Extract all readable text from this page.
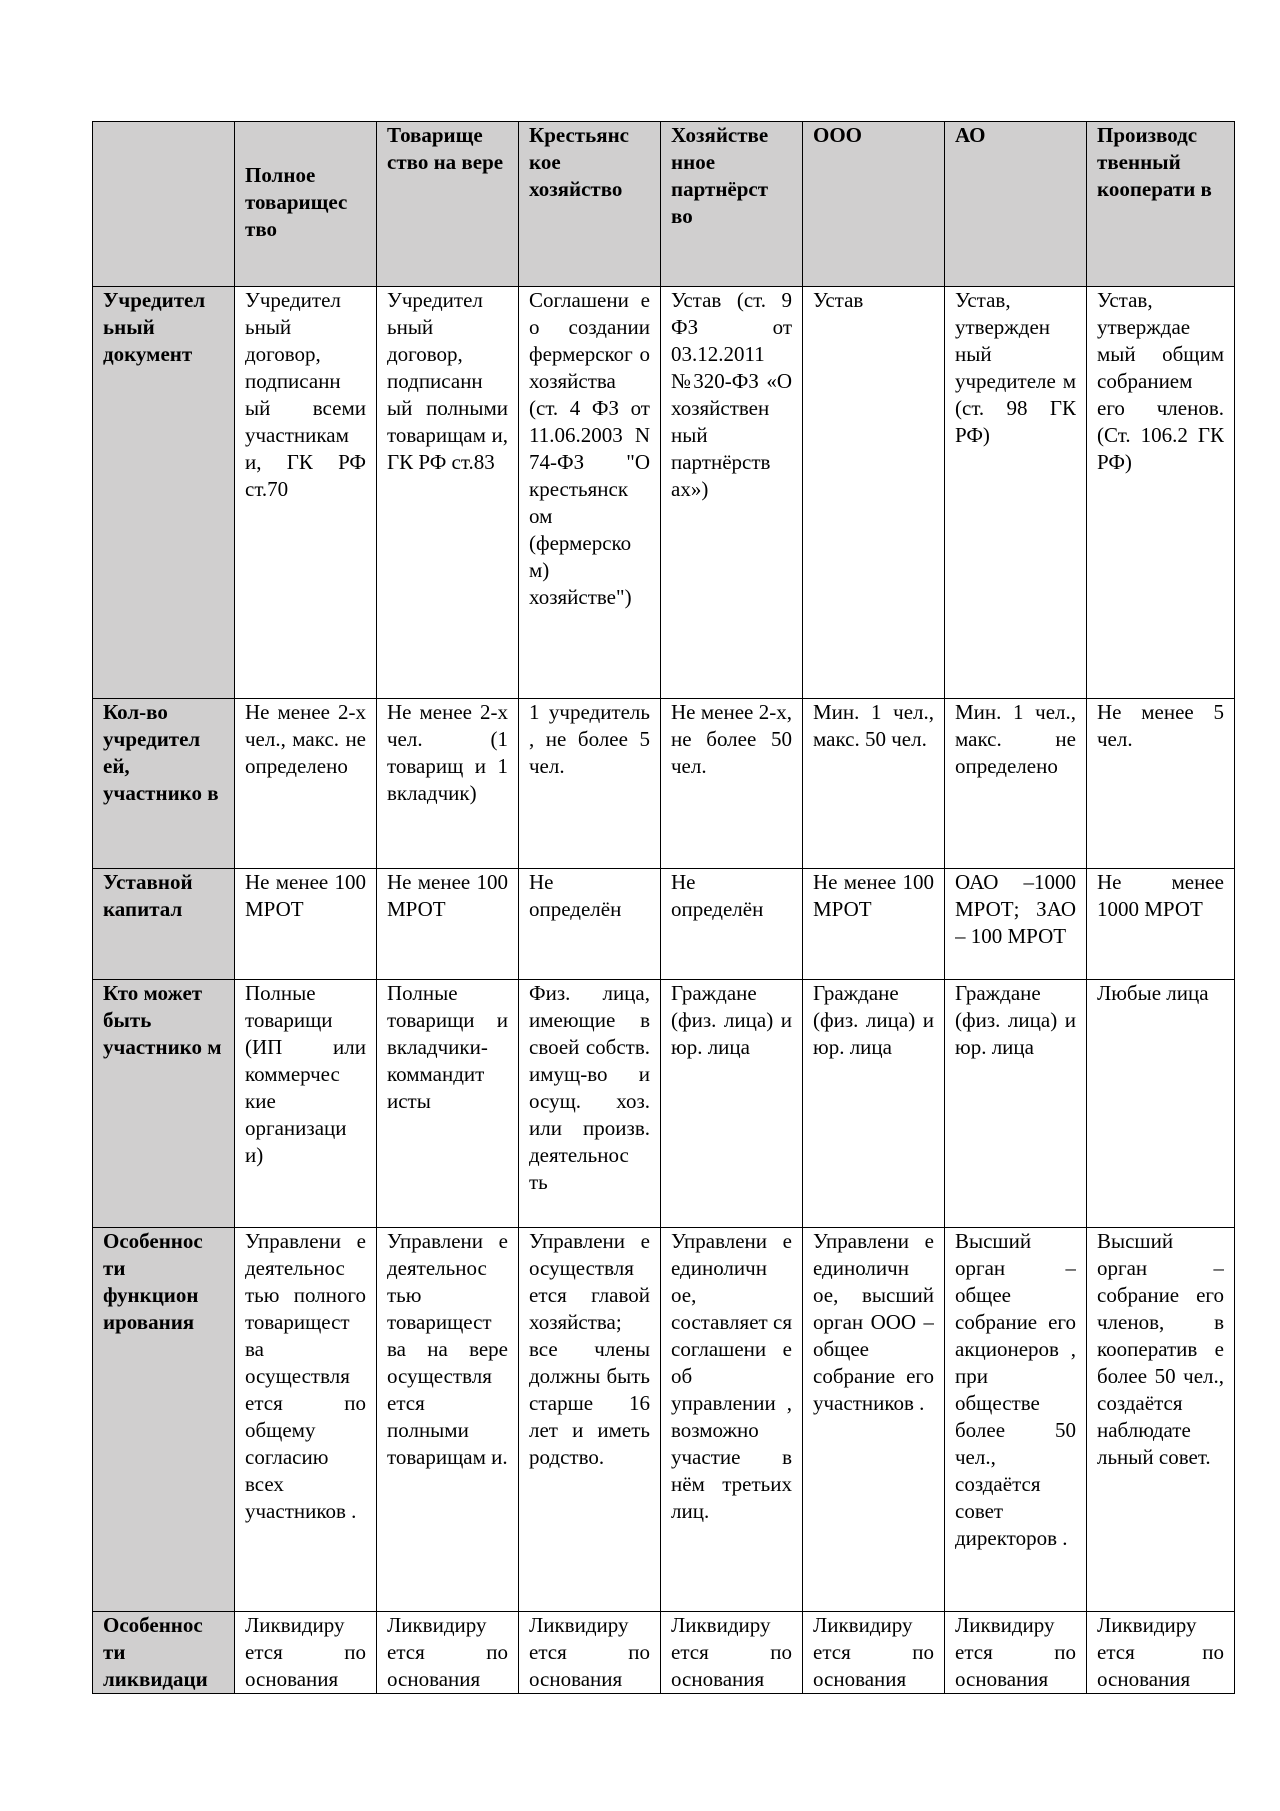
	Полное товарищес тво	Товарище ство на вере	Крестьянс кое хозяйство	Хозяйстве нное партнёрст во	ООО	АО	Производс твенный кооперати в

Учредител ьный документ	Учредител ьный договор, подписанн ый всеми участникам и, ГК РФ ст.70	Учредител ьный договор, подписанн ый полными товарищам и, ГК РФ ст.83	Соглашени е о создании фермерског о хозяйства (ст. 4 ФЗ от 11.06.2003 N 74-ФЗ "О крестьянск ом (фермерско м) хозяйстве")	Устав (ст. 9 ФЗ от 03.12.2011 №320-ФЗ «О хозяйствен ный партнёрств ах»)	Устав	Устав, утвержден ный учредителе м (ст. 98 ГК РФ)	Устав, утверждае мый общим собранием его членов. (Ст. 106.2 ГК РФ)

Кол-во учредител ей, участнико в	Не менее 2-х чел., макс. не определено	Не менее 2-х чел. (1 товарищ и 1 вкладчик)	1 учредитель , не более 5 чел.	Не менее 2-х, не более 50 чел.	Мин. 1 чел., макс. 50 чел.	Мин. 1 чел., макс. не определено	Не менее 5 чел.

Уставной капитал	Не менее 100 МРОТ	Не менее 100 МРОТ	Не определён	Не определён	Не менее 100 МРОТ	ОАО –1000 МРОТ; ЗАО – 100 МРОТ	Не менее 1000 МРОТ

Кто может быть участнико м	Полные товарищи (ИП или коммерчес кие организаци и)	Полные товарищи и вкладчики-коммандит исты	Физ. лица, имеющие в своей собств. имущ-во и осущ. хоз. или произв. деятельнос ть	Граждане (физ. лица) и юр. лица	Граждане (физ. лица) и юр. лица	Граждане (физ. лица) и юр. лица	Любые лица

Особеннос ти функцион ирования	Управлени е деятельнос тью полного товарищест ва осуществля ется по общему согласию всех участников .	Управлени е деятельнос тью товарищест ва на вере осуществля ется полными товарищам и.	Управлени е осуществля ется главой хозяйства; все члены должны быть старше 16 лет и иметь родство.	Управлени е единоличн ое, составляет ся соглашени е об управлении , возможно участие в нём третьих лиц.	Управлени е единоличн ое, высший орган ООО – общее собрание его участников .	Высший орган – общее собрание его акционеров , при обществе более 50 чел., создаётся совет директоров .	Высший орган – собрание его членов, в кооператив е более 50 чел., создаётся наблюдате льный совет.

Особеннос ти ликвидаци	Ликвидиру ется по основания	Ликвидиру ется по основания	Ликвидиру ется по основания	Ликвидиру ется по основания	Ликвидиру ется по основания	Ликвидиру ется по основания	Ликвидиру ется по основания
